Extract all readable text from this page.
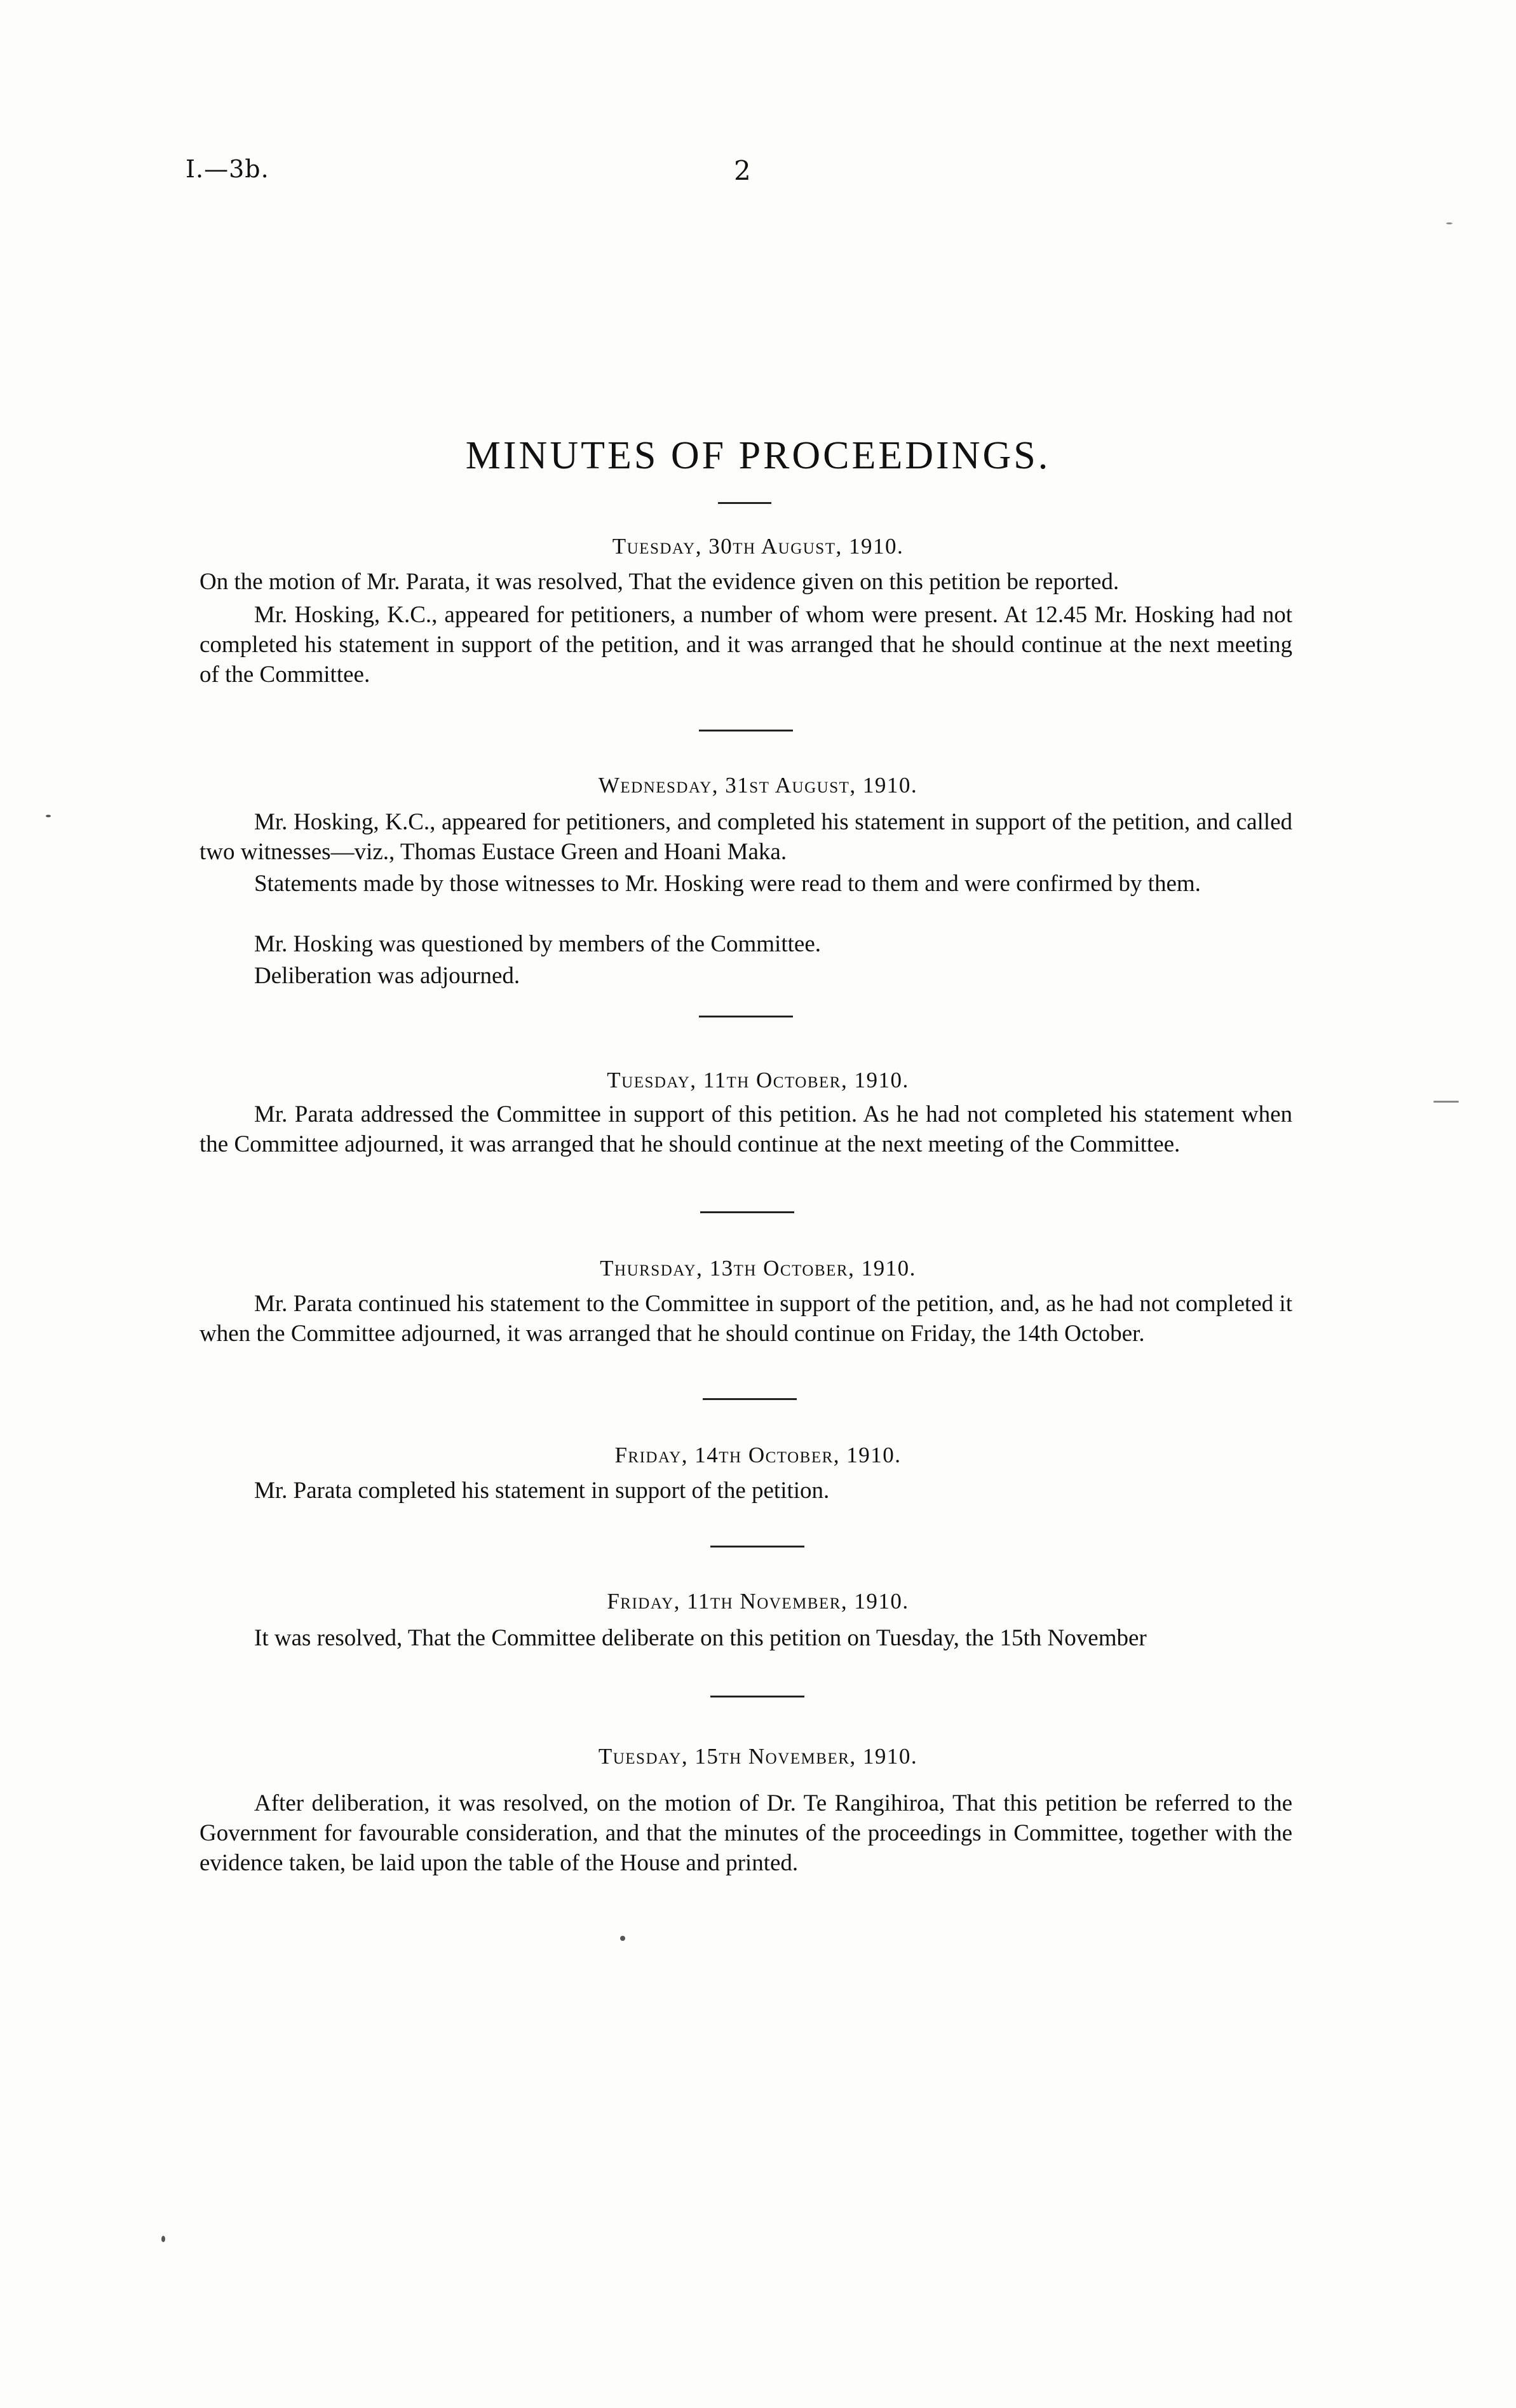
I.—3b.	2
MINUTES OF PROCEEDINGS.
Tuesday, 30th August, 1910.
On the motion of Mr. Parata, it was resolved, That the evidence given on this petition be reported.
Mr. Hosking, K.C., appeared for petitioners, a number of whom were present. At 12.45 Mr. Hosking had not completed his statement in support of the petition, and it was arranged that he should continue at the next meeting of the Committee.
Wednesday, 31st August, 1910.
Mr. Hosking, K.C., appeared for petitioners, and completed his statement in support of the petition, and called two witnesses—viz., Thomas Eustace Green and Hoani Maka.
Statements made by those witnesses to Mr. Hosking were read to them and were confirmed by them.
Mr. Hosking was questioned by members of the Committee.
Deliberation was adjourned.
Tuesday, 11th October, 1910.
Mr. Parata addressed the Committee in support of this petition. As he had not completed his statement when the Committee adjourned, it was arranged that he should continue at the next meeting of the Committee.
Thursday, 13th October, 1910.
Mr. Parata continued his statement to the Committee in support of the petition, and, as he had not completed it when the Committee adjourned, it was arranged that he should continue on Friday, the 14th October.
Friday, 14th October, 1910.
Mr. Parata completed his statement in support of the petition.
Friday, 11th November, 1910.
It was resolved, That the Committee deliberate on this petition on Tuesday, the 15th November
Tuesday, 15th November, 1910.
After deliberation, it was resolved, on the motion of Dr. Te Rangihiroa, That this petition be referred to the Government for favourable consideration, and that the minutes of the proceedings in Committee, together with the evidence taken, be laid upon the table of the House and printed.
